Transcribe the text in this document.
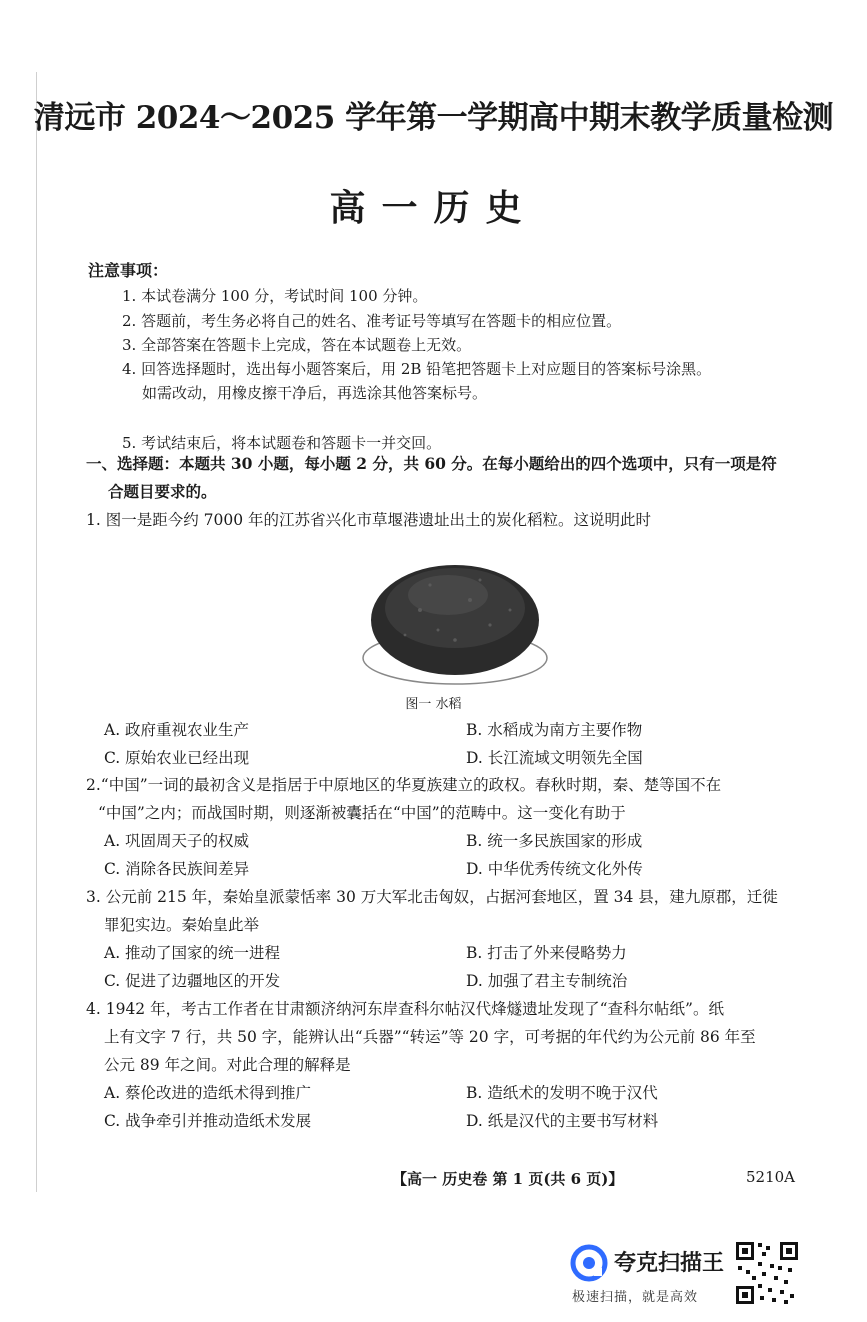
清远市 2024～2025 学年第一学期高中期末教学质量检测
高一历史
注意事项：
1. 本试卷满分 100 分，考试时间 100 分钟。
2. 答题前，考生务必将自己的姓名、准考证号等填写在答题卡的相应位置。
3. 全部答案在答题卡上完成，答在本试题卷上无效。
4. 回答选择题时，选出每小题答案后，用 2B 铅笔把答题卡上对应题目的答案标号涂黑。
如需改动，用橡皮擦干净后，再选涂其他答案标号。
5. 考试结束后，将本试题卷和答题卡一并交回。
一、选择题：本题共 30 小题，每小题 2 分，共 60 分。在每小题给出的四个选项中，只有一项是符
合题目要求的。
1. 图一是距今约 7000 年的江苏省兴化市草堰港遗址出土的炭化稻粒。这说明此时
图一 水稻
A. 政府重视农业生产	B. 水稻成为南方主要作物
C. 原始农业已经出现	D. 长江流域文明领先全国
2.“中国”一词的最初含义是指居于中原地区的华夏族建立的政权。春秋时期，秦、楚等国不在
“中国”之内；而战国时期，则逐渐被囊括在“中国”的范畴中。这一变化有助于
A. 巩固周天子的权威	B. 统一多民族国家的形成
C. 消除各民族间差异	D. 中华优秀传统文化外传
3. 公元前 215 年，秦始皇派蒙恬率 30 万大军北击匈奴，占据河套地区，置 34 县，建九原郡，迁徙
罪犯实边。秦始皇此举
A. 推动了国家的统一进程	B. 打击了外来侵略势力
C. 促进了边疆地区的开发	D. 加强了君主专制统治
4. 1942 年，考古工作者在甘肃额济纳河东岸查科尔帖汉代烽燧遗址发现了“查科尔帖纸”。纸
上有文字 7 行，共 50 字，能辨认出“兵器”“转运”等 20 字，可考据的年代约为公元前 86 年至
公元 89 年之间。对此合理的解释是
A. 蔡伦改进的造纸术得到推广	B. 造纸术的发明不晚于汉代
C. 战争牵引并推动造纸术发展	D. 纸是汉代的主要书写材料
【高一 历史卷 第 1 页(共 6 页)】	5210A
夸克扫描王
极速扫描，就是高效
